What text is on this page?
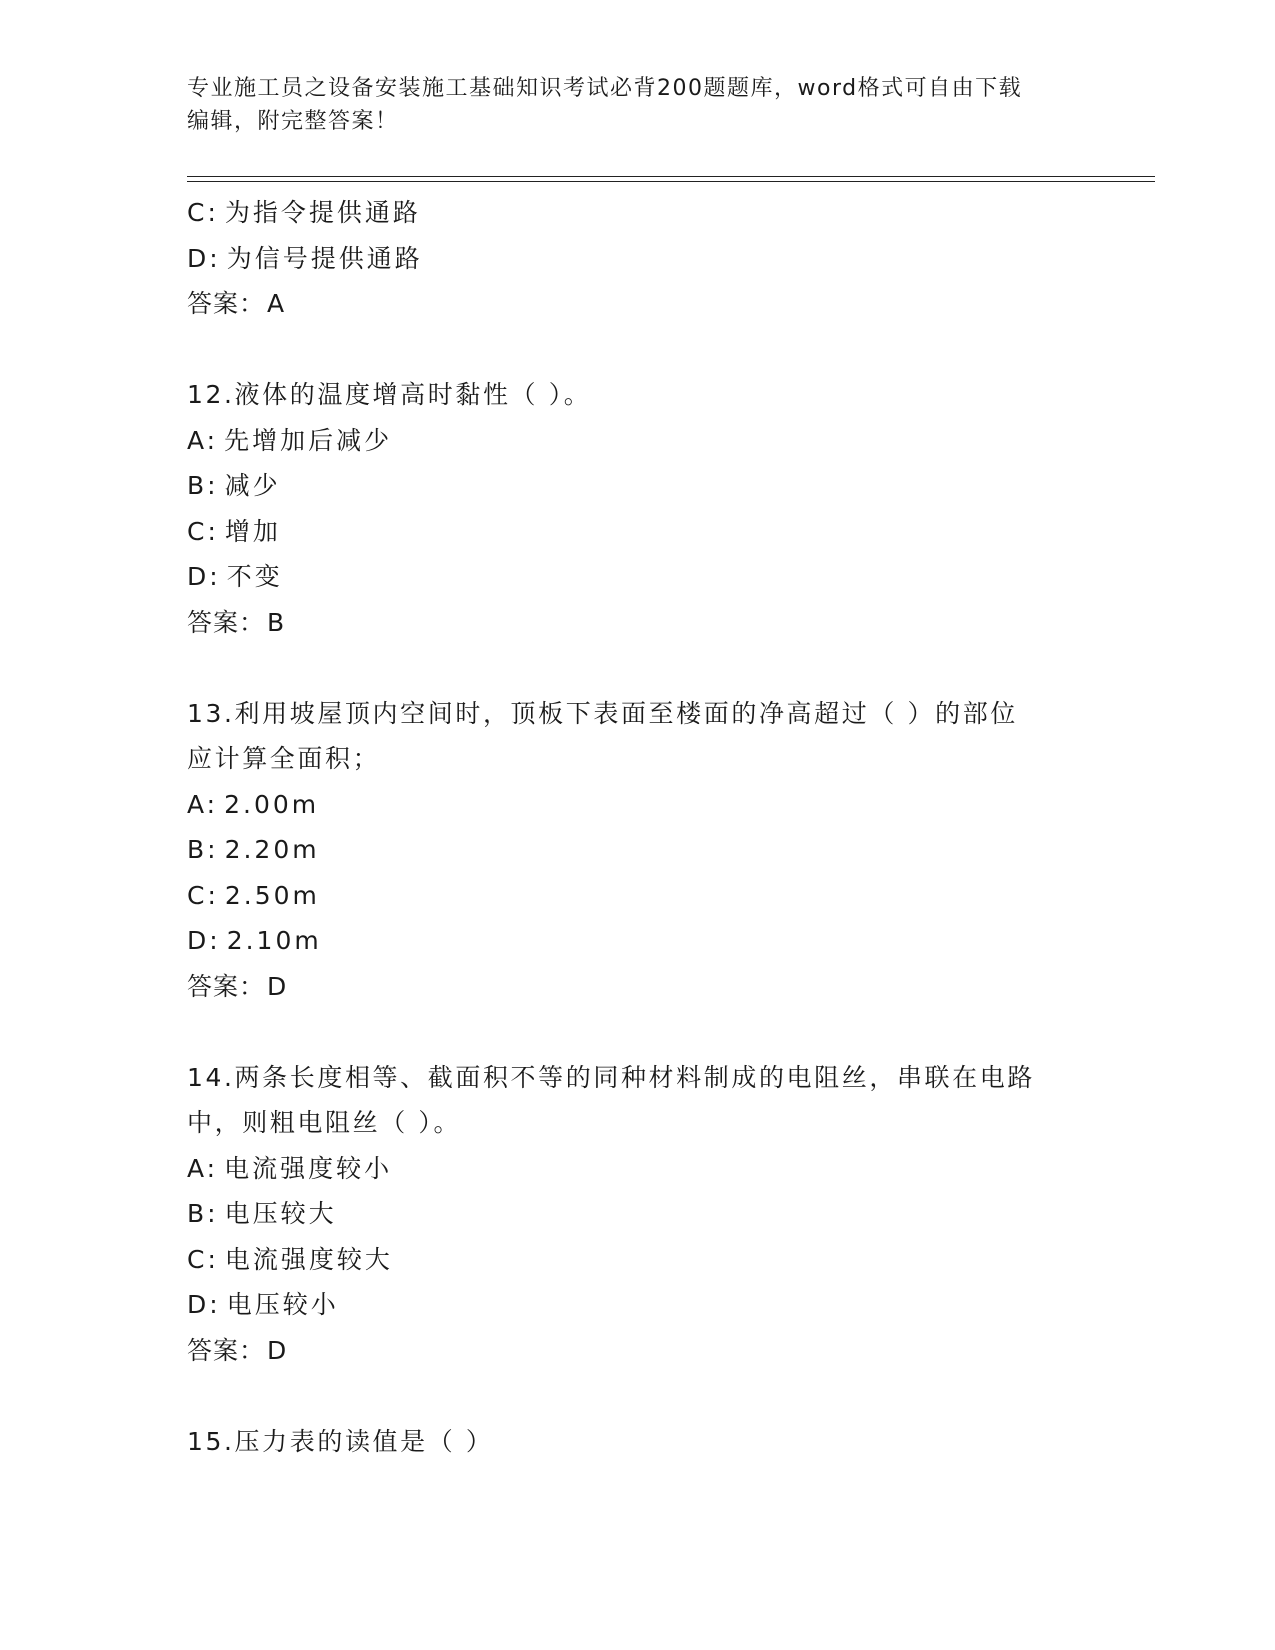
专业施工员之设备安装施工基础知识考试必背200题题库，word格式可自由下载
编辑，附完整答案！
C: 为指令提供通路
D: 为信号提供通路
答案：A
12.液体的温度增高时黏性（ ）。
A: 先增加后减少
B: 减少
C: 增加
D: 不变
答案：B
13.利用坡屋顶内空间时，顶板下表面至楼面的净高超过（ ）的部位
应计算全面积；
A: 2.00m
B: 2.20m
C: 2.50m
D: 2.10m
答案：D
14.两条长度相等、截面积不等的同种材料制成的电阻丝，串联在电路
中，则粗电阻丝（ ）。
A: 电流强度较小
B: 电压较大
C: 电流强度较大
D: 电压较小
答案：D
15.压力表的读值是（ ）
